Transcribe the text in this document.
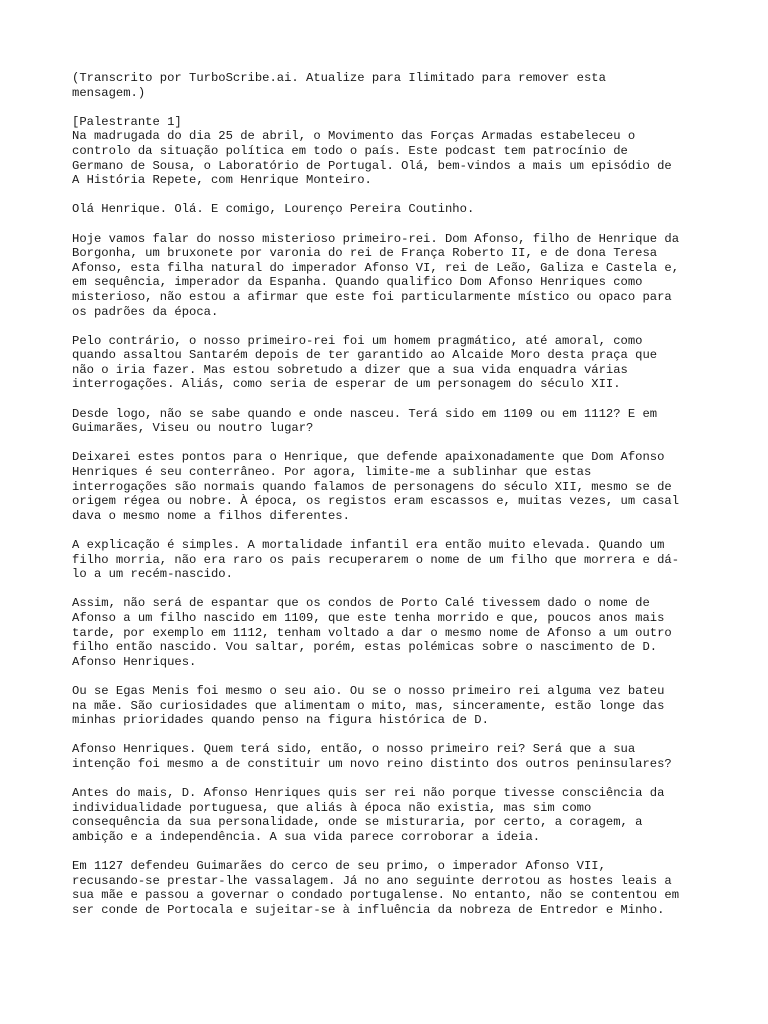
(Transcrito por TurboScribe.ai. Atualize para Ilimitado para remover esta
mensagem.)

[Palestrante 1]
Na madrugada do dia 25 de abril, o Movimento das Forças Armadas estabeleceu o
controlo da situação política em todo o país. Este podcast tem patrocínio de
Germano de Sousa, o Laboratório de Portugal. Olá, bem-vindos a mais um episódio de
A História Repete, com Henrique Monteiro.

Olá Henrique. Olá. E comigo, Lourenço Pereira Coutinho.

Hoje vamos falar do nosso misterioso primeiro-rei. Dom Afonso, filho de Henrique da
Borgonha, um bruxonete por varonia do rei de França Roberto II, e de dona Teresa
Afonso, esta filha natural do imperador Afonso VI, rei de Leão, Galiza e Castela e,
em sequência, imperador da Espanha. Quando qualifico Dom Afonso Henriques como
misterioso, não estou a afirmar que este foi particularmente místico ou opaco para
os padrões da época.

Pelo contrário, o nosso primeiro-rei foi um homem pragmático, até amoral, como
quando assaltou Santarém depois de ter garantido ao Alcaide Moro desta praça que
não o iria fazer. Mas estou sobretudo a dizer que a sua vida enquadra várias
interrogações. Aliás, como seria de esperar de um personagem do século XII.

Desde logo, não se sabe quando e onde nasceu. Terá sido em 1109 ou em 1112? E em
Guimarães, Viseu ou noutro lugar?

Deixarei estes pontos para o Henrique, que defende apaixonadamente que Dom Afonso
Henriques é seu conterrâneo. Por agora, limite-me a sublinhar que estas
interrogações são normais quando falamos de personagens do século XII, mesmo se de
origem régea ou nobre. À época, os registos eram escassos e, muitas vezes, um casal
dava o mesmo nome a filhos diferentes.

A explicação é simples. A mortalidade infantil era então muito elevada. Quando um
filho morria, não era raro os pais recuperarem o nome de um filho que morrera e dá-
lo a um recém-nascido.

Assim, não será de espantar que os condos de Porto Calé tivessem dado o nome de
Afonso a um filho nascido em 1109, que este tenha morrido e que, poucos anos mais
tarde, por exemplo em 1112, tenham voltado a dar o mesmo nome de Afonso a um outro
filho então nascido. Vou saltar, porém, estas polémicas sobre o nascimento de D.
Afonso Henriques.

Ou se Egas Menis foi mesmo o seu aio. Ou se o nosso primeiro rei alguma vez bateu
na mãe. São curiosidades que alimentam o mito, mas, sinceramente, estão longe das
minhas prioridades quando penso na figura histórica de D.

Afonso Henriques. Quem terá sido, então, o nosso primeiro rei? Será que a sua
intenção foi mesmo a de constituir um novo reino distinto dos outros peninsulares?

Antes do mais, D. Afonso Henriques quis ser rei não porque tivesse consciência da
individualidade portuguesa, que aliás à época não existia, mas sim como
consequência da sua personalidade, onde se misturaria, por certo, a coragem, a
ambição e a independência. A sua vida parece corroborar a ideia.

Em 1127 defendeu Guimarães do cerco de seu primo, o imperador Afonso VII,
recusando-se prestar-lhe vassalagem. Já no ano seguinte derrotou as hostes leais a
sua mãe e passou a governar o condado portugalense. No entanto, não se contentou em
ser conde de Portocala e sujeitar-se à influência da nobreza de Entredor e Minho.
